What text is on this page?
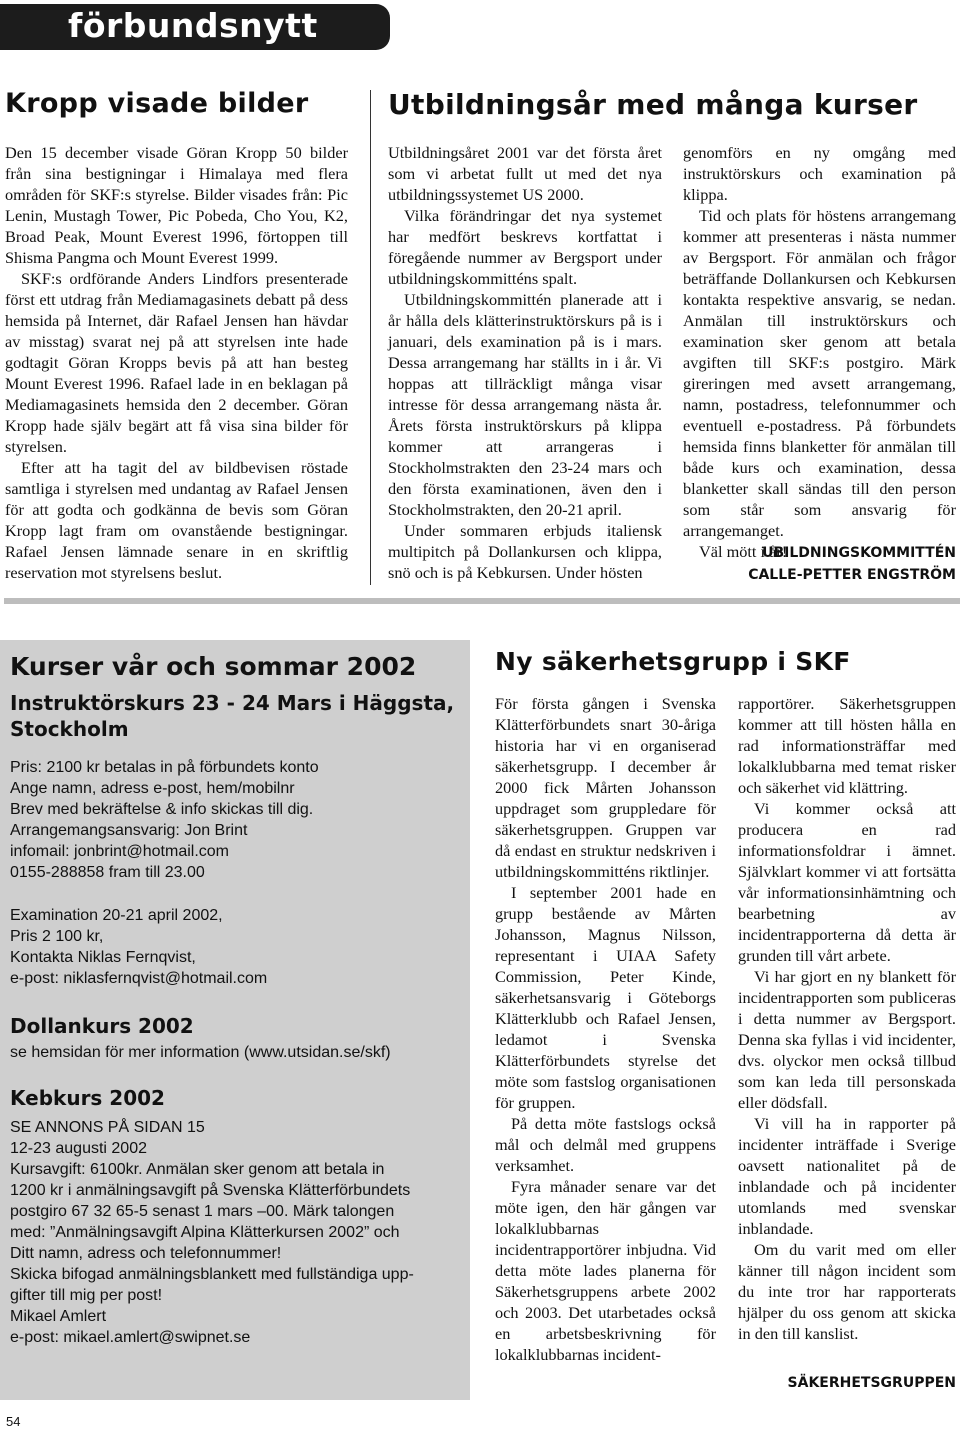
förbundsnytt
Kropp visade bilder

Den 15 december visade Göran Kropp 50 bilder från sina bestigningar i Himalaya med flera områden för SKF:s styrelse. Bilder visades från: Pic Lenin, Mustagh Tower, Pic Pobeda, Cho You, K2, Broad Peak, Mount Everest 1996, förtoppen till Shisma Pangma och Mount Everest 1999.

SKF:s ordförande Anders Lindfors presenterade först ett utdrag från Mediamagasinets debatt på dess hemsida på Internet, där Rafael Jensen han hävdar av misstag) svarat nej på att styrelsen inte hade godtagit Göran Kropps bevis på att han besteg Mount Everest 1996. Rafael lade in en beklagan på Mediamagasinets hemsida den 2 december. Göran Kropp hade själv begärt att få visa sina bilder för styrelsen.

Efter att ha tagit del av bildbevisen röstade samtliga i styrelsen med undantag av Rafael Jensen för att godta och godkänna de bevis som Göran Kropp lagt fram om ovanstående bestigningar. Rafael Jensen lämnade senare in en skriftlig reservation mot styrelsens beslut.

Utbildningsår med många kurser

Utbildningsåret 2001 var det första året som vi arbetat fullt ut med det nya utbildningssystemet US 2000.

Vilka förändringar det nya systemet har medfört beskrevs kortfattat i föregående nummer av Bergsport under utbildningskommitténs spalt.

Utbildningskommittén planerade att i år hålla dels klätterinstruktörskurs på is i januari, dels examination på is i mars. Dessa arrangemang har ställts in i år. Vi hoppas att tillräckligt många visar intresse för dessa arrangemang nästa år. Årets första instruktörskurs på klippa kommer att arrangeras i Stockholmstrakten den 23-24 mars och den första examinationen, även den i Stockholmstrakten, den 20-21 april.

Under sommaren erbjuds italiensk multipitch på Dollankursen och klippa, snö och is på Kebkursen. Under hösten

genomförs en ny omgång med instruktörskurs och examination på klippa.

Tid och plats för höstens arrangemang kommer att presenteras i nästa nummer av Bergsport. För anmälan och frågor beträffande Dollankursen och Kebkursen kontakta respektive ansvarig, se nedan. Anmälan till instruktörskurs och examination sker genom att betala avgiften till SKF:s postgiro. Märk gireringen med avsett arrangemang, namn, postadress, telefonnummer och eventuell e-postadress. På förbundets hemsida finns blanketter för anmälan till både kurs och examination, dessa blanketter skall sändas till den person som står som ansvarig för arrangemanget.

Väl mött i år!

UBILDNINGSKOMMITTÉN
CALLE-PETTER ENGSTRÖM
Kurser vår och sommar 2002
Instruktörskurs 23 - 24 Mars i Häggsta, Stockholm
Pris: 2100 kr betalas in på förbundets konto
Ange namn, adress e-post, hem/mobilnr
Brev med bekräftelse & info skickas till dig.
Arrangemangsansvarig: Jon Brint
infomail: jonbrint@hotmail.com
0155-288858 fram till 23.00
Examination 20-21 april 2002,
Pris 2 100 kr,
Kontakta Niklas Fernqvist,
e-post: niklasfernqvist@hotmail.com
Dollankurs 2002
se hemsidan för mer information (www.utsidan.se/skf)
Kebkurs 2002
SE ANNONS PÅ SIDAN 15
12-23 augusti 2002
Kursavgift: 6100kr. Anmälan sker genom att betala in
1200 kr i anmälningsavgift på Svenska Klätterförbundets
postgiro 67 32 65-5 senast 1 mars –00. Märk talongen
med: ”Anmälningsavgift Alpina Klätterkursen 2002” och
Ditt namn, adress och telefonnummer!
Skicka bifogad anmälningsblankett med fullständiga upp-
gifter till mig per post!
Mikael Amlert
e-post: mikael.amlert@swipnet.se
Ny säkerhetsgrupp i SKF

För första gången i Svenska Klätterförbundets snart 30-åriga historia har vi en organiserad säkerhetsgrupp. I december år 2000 fick Mårten Johansson uppdraget som gruppledare för säkerhetsgruppen. Gruppen var då endast en struktur nedskriven i utbildningskommitténs riktlinjer.

I september 2001 hade en grupp bestående av Mårten Johansson, Magnus Nilsson, representant i UIAA Safety Commission, Peter Kinde, säkerhetsansvarig i Göteborgs Klätterklubb och Rafael Jensen, ledamot i Svenska Klätterförbundets styrelse det möte som fastslog organisationen för gruppen.

På detta möte fastslogs också mål och delmål med gruppens verksamhet.

Fyra månader senare var det möte igen, den här gången var lokalklubbarnas incidentrapportörer inbjudna. Vid detta möte lades planerna för Säkerhetsgruppens arbete 2002 och 2003. Det utarbetades också en arbetsbeskrivning för lokalklubbarnas incident-

rapportörer. Säkerhetsgruppen kommer att till hösten hålla en rad informationsträffar med lokalklubbarna med temat risker och säkerhet vid klättring.

Vi kommer också att producera en rad informationsfoldrar i ämnet. Självklart kommer vi att fortsätta vår informationsinhämtning och bearbetning av incidentrapporterna då detta är grunden till vårt arbete.

Vi har gjort en ny blankett för incidentrapporten som publiceras i detta nummer av Bergsport. Denna ska fyllas i vid incidenter, dvs. olyckor men också tillbud som kan leda till personskada eller dödsfall.

Vi vill ha in rapporter på incidenter inträffade i Sverige oavsett nationalitet på de inblandade och på incidenter utomlands med svenskar inblandade.

Om du varit med om eller känner till någon incident som du inte tror har rapporterats hjälper du oss genom att skicka in den till kanslist.

SÄKERHETSGRUPPEN
54
